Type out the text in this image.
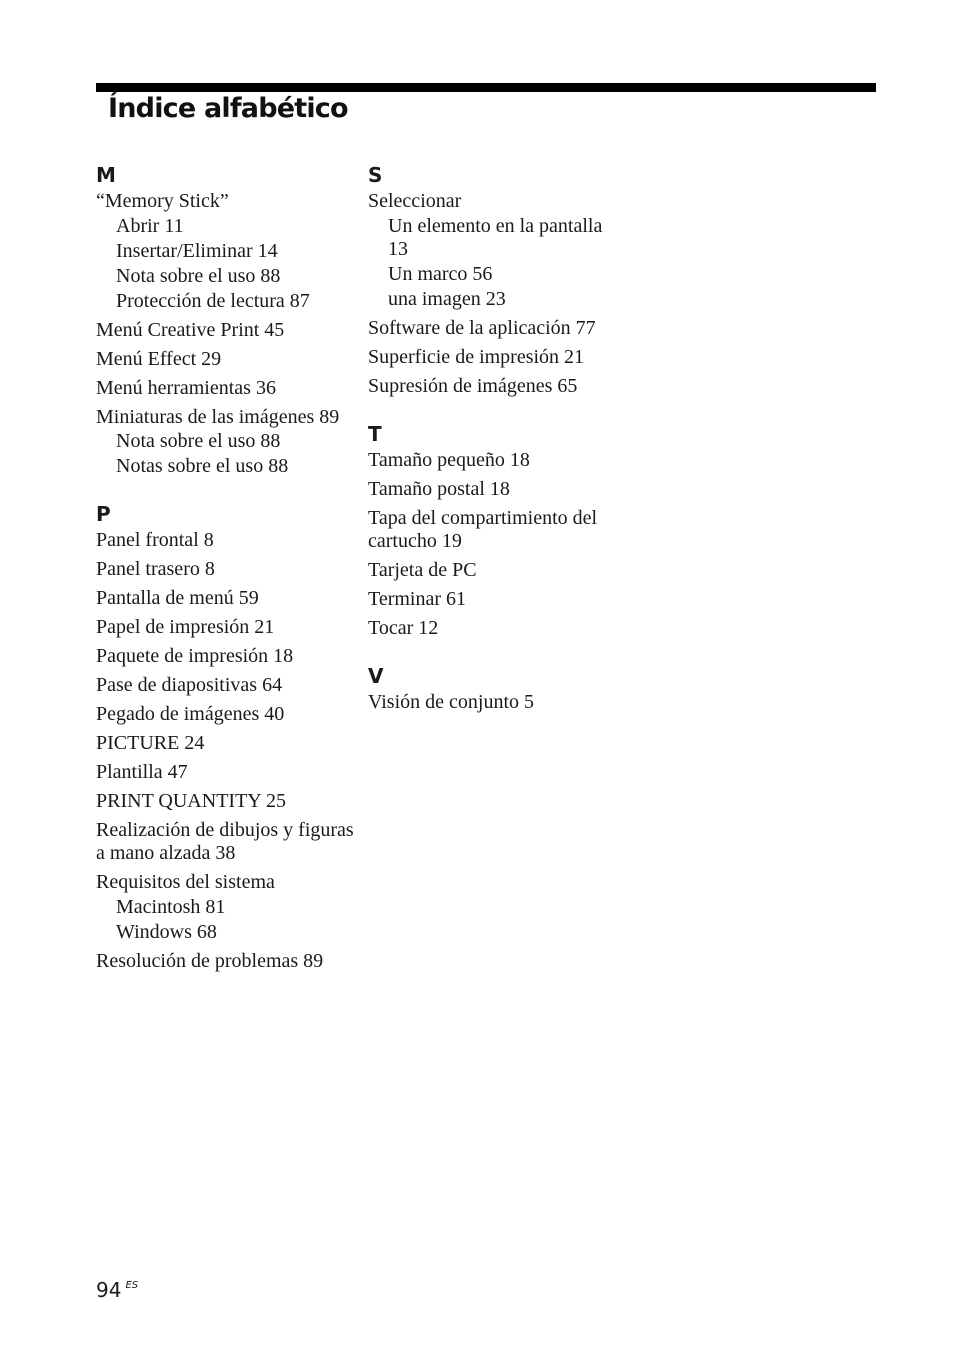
Índice alfabético
M
“Memory Stick”
Abrir 11
Insertar/Eliminar 14
Nota sobre el uso 88
Protección de lectura 87
Menú Creative Print 45
Menú Effect 29
Menú herramientas 36
Miniaturas de las imágenes 89
Nota sobre el uso 88
Notas sobre el uso 88
P
Panel frontal 8
Panel trasero 8
Pantalla de menú 59
Papel de impresión 21
Paquete de impresión 18
Pase de diapositivas 64
Pegado de imágenes 40
PICTURE 24
Plantilla 47
PRINT QUANTITY 25
Realización de dibujos y figuras a mano alzada 38
Requisitos del sistema
Macintosh 81
Windows 68
Resolución de problemas 89
S
Seleccionar
Un elemento en la pantalla 13
Un marco 56
una imagen 23
Software de la aplicación 77
Superficie de impresión 21
Supresión de imágenes 65
T
Tamaño pequeño 18
Tamaño postal 18
Tapa del compartimiento del cartucho 19
Tarjeta de PC
Terminar 61
Tocar 12
V
Visión de conjunto 5
94 $^{ES}$
